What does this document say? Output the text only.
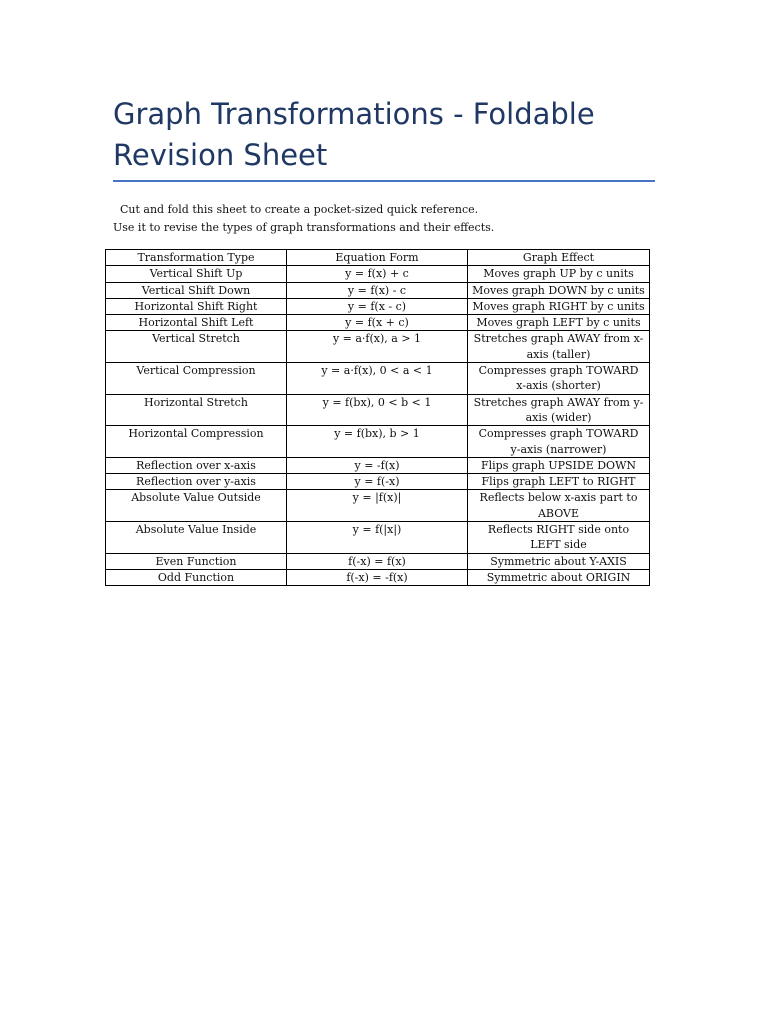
Graph Transformations - Foldable Revision Sheet

Cut and fold this sheet to create a pocket-sized quick reference.

Use it to revise the types of graph transformations and their effects.

Transformation Type	Equation Form	Graph Effect
Vertical Shift Up	y = f(x) + c	Moves graph UP by c units
Vertical Shift Down	y = f(x) - c	Moves graph DOWN by c units
Horizontal Shift Right	y = f(x - c)	Moves graph RIGHT by c units
Horizontal Shift Left	y = f(x + c)	Moves graph LEFT by c units
Vertical Stretch	y = a·f(x), a > 1	Stretches graph AWAY from x-axis (taller)
Vertical Compression	y = a·f(x), 0 < a < 1	Compresses graph TOWARD x-axis (shorter)
Horizontal Stretch	y = f(bx), 0 < b < 1	Stretches graph AWAY from y-axis (wider)
Horizontal Compression	y = f(bx), b > 1	Compresses graph TOWARD y-axis (narrower)
Reflection over x-axis	y = -f(x)	Flips graph UPSIDE DOWN
Reflection over y-axis	y = f(-x)	Flips graph LEFT to RIGHT
Absolute Value Outside	y = |f(x)|	Reflects below x-axis part to ABOVE
Absolute Value Inside	y = f(|x|)	Reflects RIGHT side onto LEFT side
Even Function	f(-x) = f(x)	Symmetric about Y-AXIS
Odd Function	f(-x) = -f(x)	Symmetric about ORIGIN
